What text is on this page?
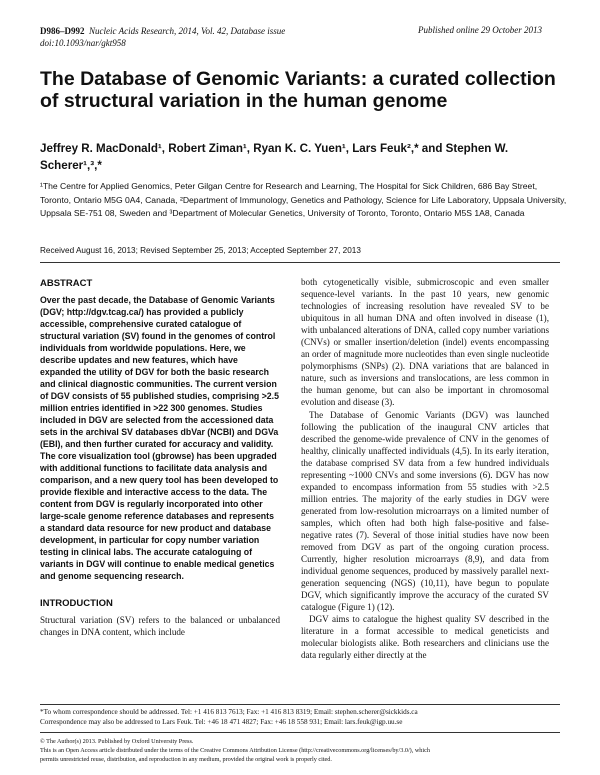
D986–D992 Nucleic Acids Research, 2014, Vol. 42, Database issue
doi:10.1093/nar/gkt958
Published online 29 October 2013
The Database of Genomic Variants: a curated collection of structural variation in the human genome

Jeffrey R. MacDonald¹, Robert Ziman¹, Ryan K. C. Yuen¹, Lars Feuk²,* and Stephen W. Scherer¹,³,*

¹The Centre for Applied Genomics, Peter Gilgan Centre for Research and Learning, The Hospital for Sick Children, 686 Bay Street, Toronto, Ontario M5G 0A4, Canada, ²Department of Immunology, Genetics and Pathology, Science for Life Laboratory, Uppsala University, Uppsala SE-751 08, Sweden and ³Department of Molecular Genetics, University of Toronto, Toronto, Ontario M5S 1A8, Canada

Received August 16, 2013; Revised September 25, 2013; Accepted September 27, 2013

ABSTRACT

Over the past decade, the Database of Genomic Variants (DGV; http://dgv.tcag.ca/) has provided a publicly accessible, comprehensive curated catalogue of structural variation (SV) found in the genomes of control individuals from worldwide populations. Here, we describe updates and new features, which have expanded the utility of DGV for both the basic research and clinical diagnostic communities. The current version of DGV consists of 55 published studies, comprising >2.5 million entries identified in >22 300 genomes. Studies included in DGV are selected from the accessioned data sets in the archival SV databases dbVar (NCBI) and DGVa (EBI), and then further curated for accuracy and validity. The core visualization tool (gbrowse) has been upgraded with additional functions to facilitate data analysis and comparison, and a new query tool has been developed to provide flexible and interactive access to the data. The content from DGV is regularly incorporated into other large-scale genome reference databases and represents a standard data resource for new product and database development, in particular for copy number variation testing in clinical labs. The accurate cataloguing of variants in DGV will continue to enable medical genetics and genome sequencing research.

INTRODUCTION

Structural variation (SV) refers to the balanced or unbalanced changes in DNA content, which include

both cytogenetically visible, submicroscopic and even smaller sequence-level variants. In the past 10 years, new genomic technologies of increasing resolution have revealed SV to be ubiquitous in all human DNA and often involved in disease (1), with unbalanced alterations of DNA, called copy number variations (CNVs) or smaller insertion/deletion (indel) events encompassing an order of magnitude more nucleotides than even single nucleotide polymorphisms (SNPs) (2). DNA variations that are balanced in nature, such as inversions and translocations, are less common in the human genome, but can also be important in chromosomal evolution and disease (3).

The Database of Genomic Variants (DGV) was launched following the publication of the inaugural CNV articles that described the genome-wide prevalence of CNV in the genomes of healthy, clinically unaffected individuals (4,5). In its early iteration, the database comprised SV data from a few hundred individuals representing ~1000 CNVs and some inversions (6). DGV has now expanded to encompass information from 55 studies with >2.5 million entries. The majority of the early studies in DGV were generated from low-resolution microarrays on a limited number of samples, which often had both high false-positive and false-negative rates (7). Several of those initial studies have now been removed from DGV as part of the ongoing curation process. Currently, higher resolution microarrays (8,9), and data from individual genome sequences, produced by massively parallel next-generation sequencing (NGS) (10,11), have begun to populate DGV, which significantly improve the accuracy of the curated SV catalogue (Figure 1) (12).

DGV aims to catalogue the highest quality SV described in the literature in a format accessible to medical geneticists and molecular biologists alike. Both researchers and clinicians use the data regularly either directly at the

*To whom correspondence should be addressed. Tel: +1 416 813 7613; Fax: +1 416 813 8319; Email: stephen.scherer@sickkids.ca

Correspondence may also be addressed to Lars Feuk. Tel: +46 18 471 4827; Fax: +46 18 558 931; Email: lars.feuk@igp.uu.se

© The Author(s) 2013. Published by Oxford University Press.

This is an Open Access article distributed under the terms of the Creative Commons Attribution License (http://creativecommons.org/licenses/by/3.0/), which

permits unrestricted reuse, distribution, and reproduction in any medium, provided the original work is properly cited.
